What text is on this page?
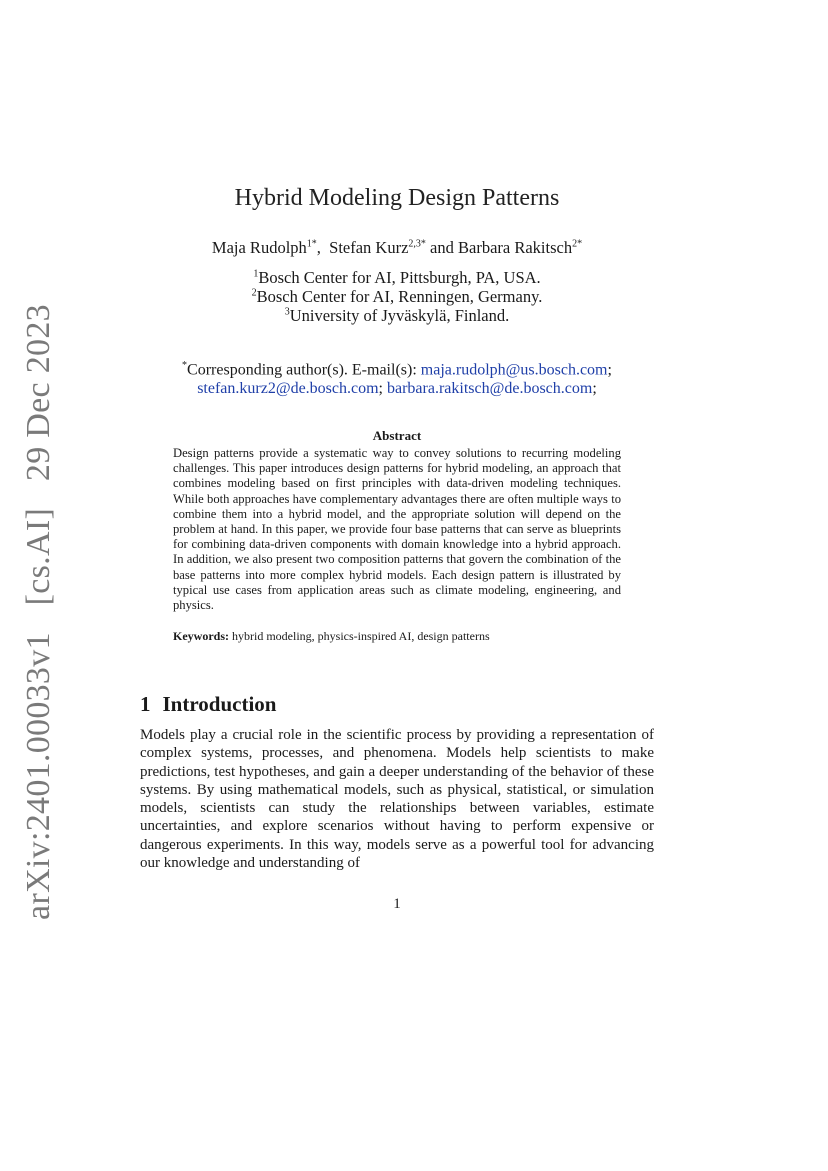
arXiv:2401.00033v1 [cs.AI] 29 Dec 2023
Hybrid Modeling Design Patterns
Maja Rudolph$^{1*}$,  Stefan Kurz$^{2,3*}$ and Barbara Rakitsch$^{2*}$
$^1$Bosch Center for AI, Pittsburgh, PA, USA.
$^2$Bosch Center for AI, Renningen, Germany.
$^3$University of Jyväskylä, Finland.
*Corresponding author(s). E-mail(s): maja.rudolph@us.bosch.com;
stefan.kurz2@de.bosch.com; barbara.rakitsch@de.bosch.com;
Abstract

Design patterns provide a systematic way to convey solutions to recurring modeling challenges. This paper introduces design patterns for hybrid modeling, an approach that combines modeling based on first principles with data-driven modeling techniques. While both approaches have complementary advantages there are often multiple ways to combine them into a hybrid model, and the appropriate solution will depend on the problem at hand. In this paper, we provide four base patterns that can serve as blueprints for combining data-driven components with domain knowledge into a hybrid approach. In addition, we also present two composition patterns that govern the combination of the base patterns into more complex hybrid models. Each design pattern is illustrated by typical use cases from application areas such as climate modeling, engineering, and physics.

Keywords: hybrid modeling, physics-inspired AI, design patterns
1 Introduction

Models play a crucial role in the scientific process by providing a representation of complex systems, processes, and phenomena. Models help scientists to make predictions, test hypotheses, and gain a deeper understanding of the behavior of these systems. By using mathematical models, such as physical, statistical, or simulation models, scientists can study the relationships between variables, estimate uncertainties, and explore scenarios without having to perform expensive or dangerous experiments. In this way, models serve as a powerful tool for advancing our knowledge and understanding of

1
